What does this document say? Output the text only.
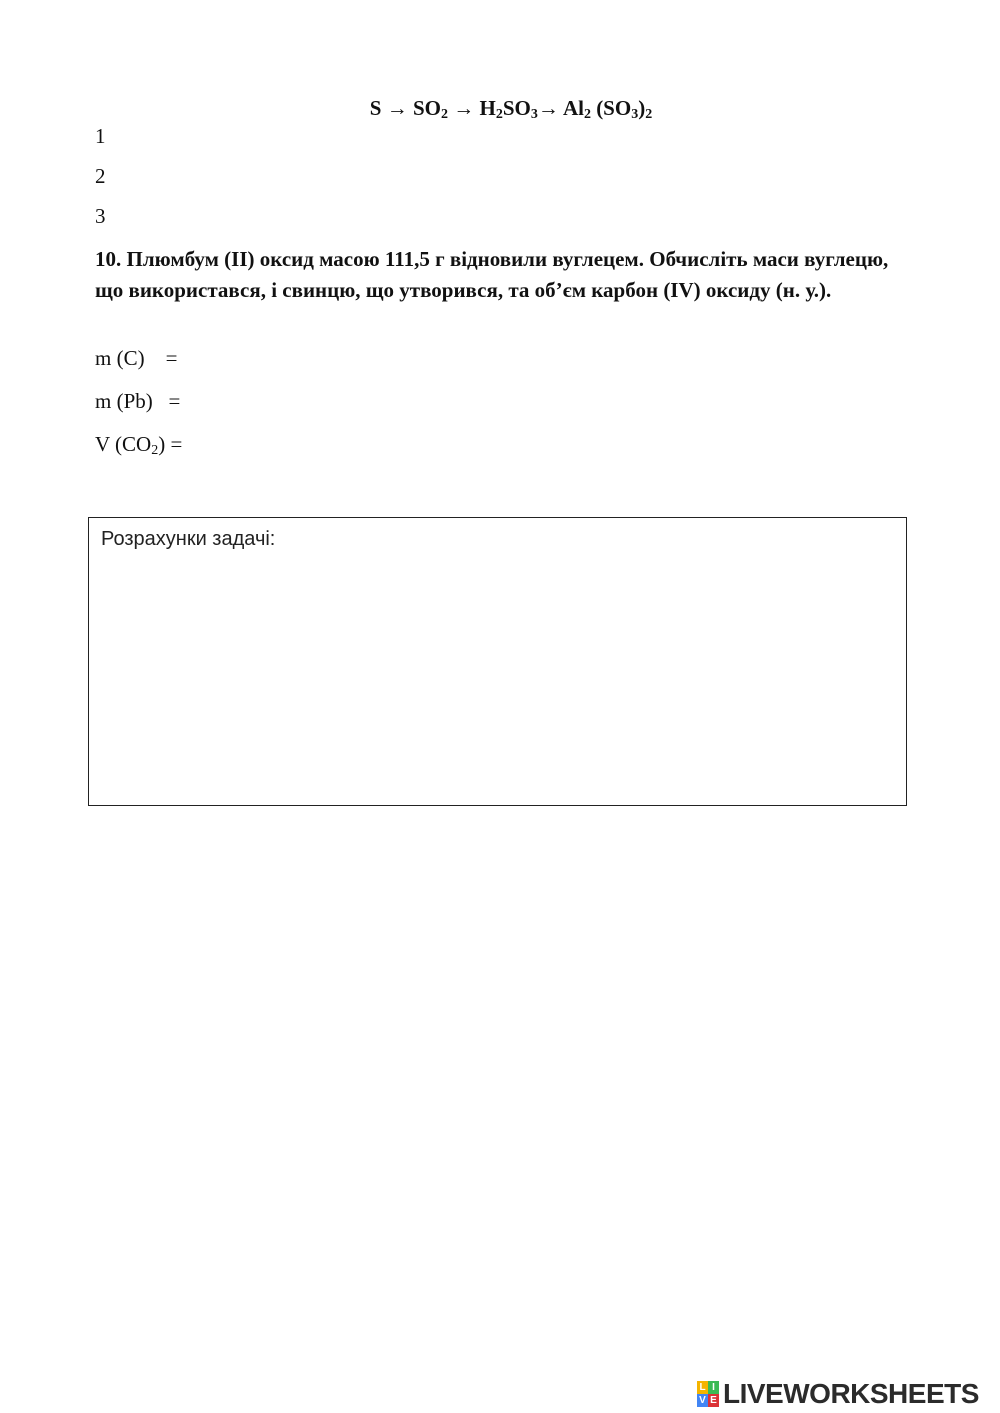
$S \to SO_2 \to H_2SO_3\to Al_2$ $(SO_3)_2$
1
2
3
10. Плюмбум (II) оксид масою 111,5 г відновили вуглецем. Обчисліть маси вуглецю, що використався, і свинцю, що утворився, та об’єм карбон (IV) оксиду (н. у.).
m (C)    =
m (Pb)   =
V $(CO_2)$ =
Розрахунки задачі:
L I
V E LIVEWORKSHEETS
